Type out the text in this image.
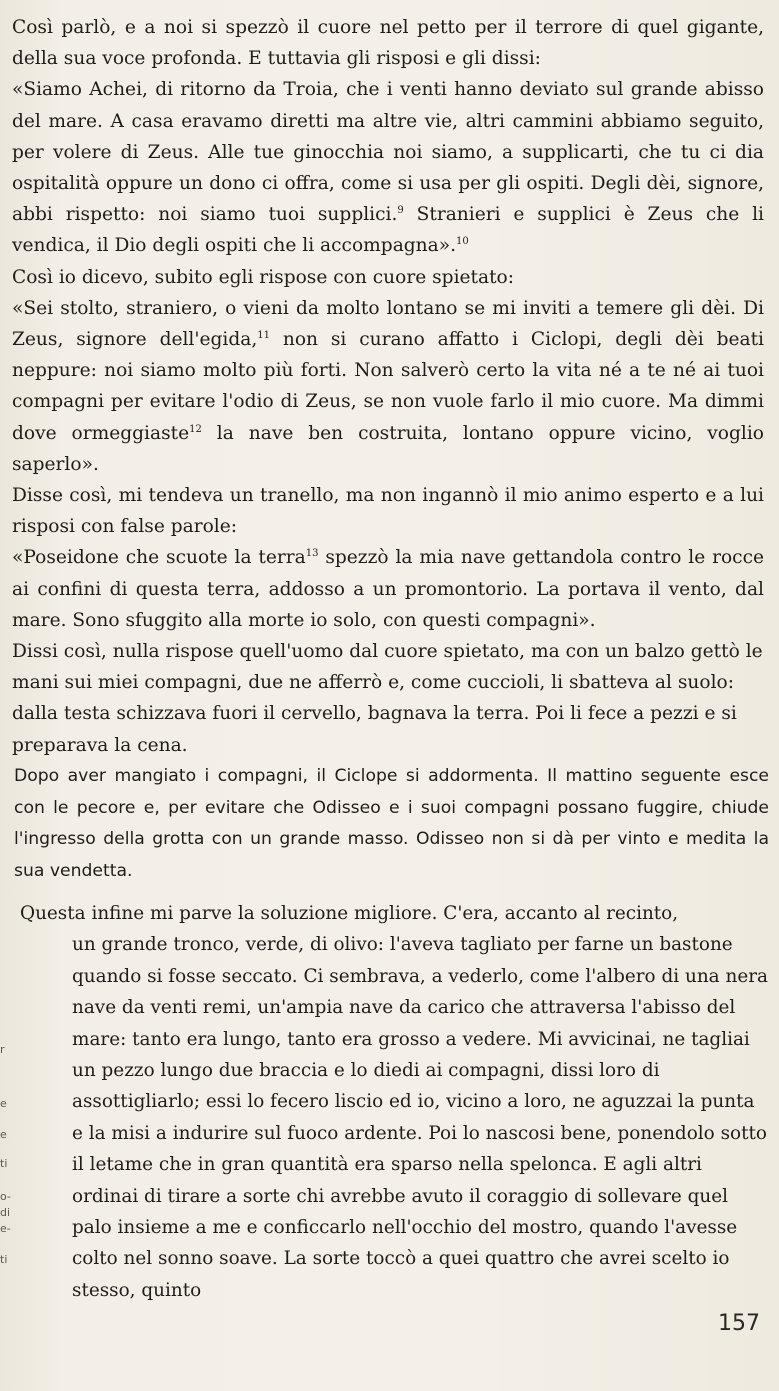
Così parlò, e a noi si spezzò il cuore nel petto per il terrore di quel gigante, della sua voce profonda. E tuttavia gli risposi e gli dissi:

«Siamo Achei, di ritorno da Troia, che i venti hanno deviato sul grande abisso del mare. A casa eravamo diretti ma altre vie, altri cammini abbiamo seguito, per volere di Zeus. Alle tue ginocchia noi siamo, a supplicarti, che tu ci dia ospitalità oppure un dono ci offra, come si usa per gli ospiti. Degli dèi, signore, abbi rispetto: noi siamo tuoi supplici.$^9$ Stranieri e supplici è Zeus che li vendica, il Dio degli ospiti che li accompagna».$^{10}$

Così io dicevo, subito egli rispose con cuore spietato:

«Sei stolto, straniero, o vieni da molto lontano se mi inviti a temere gli dèi. Di Zeus, signore dell'egida,$^{11}$ non si curano affatto i Ciclopi, degli dèi beati neppure: noi siamo molto più forti. Non salverò certo la vita né a te né ai tuoi compagni per evitare l'odio di Zeus, se non vuole farlo il mio cuore. Ma dimmi dove ormeggiaste$^{12}$ la nave ben costruita, lontano oppure vicino, voglio saperlo».

Disse così, mi tendeva un tranello, ma non ingannò il mio animo esperto e a lui risposi con false parole:

«Poseidone che scuote la terra$^{13}$ spezzò la mia nave gettandola contro le rocce ai confini di questa terra, addosso a un promontorio. La portava il vento, dal mare. Sono sfuggito alla morte io solo, con questi compagni».

Dissi così, nulla rispose quell'uomo dal cuore spietato, ma con un balzo gettò le mani sui miei compagni, due ne afferrò e, come cuccioli, li sbatteva al suolo: dalla testa schizzava fuori il cervello, bagnava la terra. Poi li fece a pezzi e si preparava la cena.

Dopo aver mangiato i compagni, il Ciclope si addormenta. Il mattino seguente esce con le pecore e, per evitare che Odisseo e i suoi compagni possano fuggire, chiude l'ingresso della grotta con un grande masso. Odisseo non si dà per vinto e medita la sua vendetta.

Questa infine mi parve la soluzione migliore. C'era, accanto al recinto,

un grande tronco, verde, di olivo: l'aveva tagliato per farne un bastone quando si fosse seccato. Ci sembrava, a vederlo, come l'albero di una nera nave da venti remi, un'ampia nave da carico che attraversa l'abisso del mare: tanto era lungo, tanto era grosso a vedere. Mi avvicinai, ne tagliai un pezzo lungo due braccia e lo diedi ai compagni, dissi loro di assottigliarlo; essi lo fecero liscio ed io, vicino a loro, ne aguzzai la punta e la misi a indurire sul fuoco ardente. Poi lo nascosi bene, ponendolo sotto il letame che in gran quantità era sparso nella spelonca. E agli altri ordinai di tirare a sorte chi avrebbe avuto il coraggio di sollevare quel palo insieme a me e conficcarlo nell'occhio del mostro, quando l'avesse colto nel sonno soave. La sorte toccò a quei quattro che avrei scelto io stesso, quinto

r
e
e
ti
o-
di
e-
ti
157
